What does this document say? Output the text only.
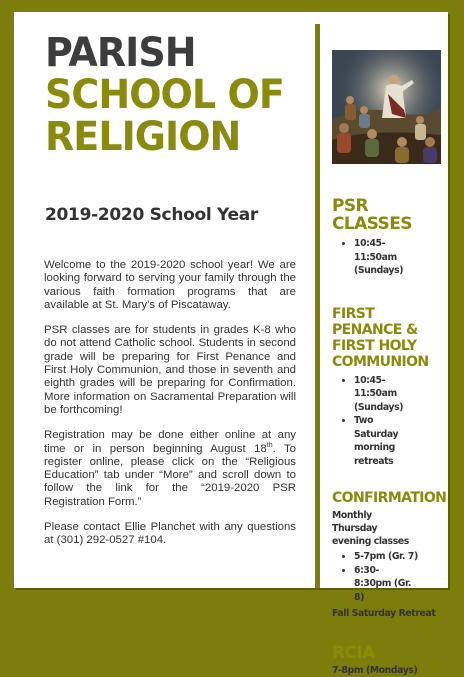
PARISH
SCHOOL OF
RELIGION
2019-2020 School Year

Welcome to the 2019-2020 school year! We are looking forward to serving your family through the various faith formation programs that are available at St. Mary's of Piscataway.

PSR classes are for students in grades K-8 who do not attend Catholic school. Students in second grade will be preparing for First Penance and First Holy Communion, and those in seventh and eighth grades will be preparing for Confirmation. More information on Sacramental Preparation will be forthcoming!

Registration may be done either online at any time or in person beginning August 18th. To register online, please click on the “Religious Education” tab under “More” and scroll down to follow the link for the “2019-2020 PSR Registration Form.”

Please contact Ellie Planchet with any questions at (301) 292-0527 #104.

PSR CLASSES

• 10:45-11:50am (Sundays)

FIRST PENANCE & FIRST HOLY COMMUNION

• 10:45-11:50am (Sundays)
• Two Saturday morning retreats

CONFIRMATION

Monthly Thursday evening classes
• 5-7pm (Gr. 7)
• 6:30-8:30pm (Gr. 8)
Fall Saturday Retreat

RCIA

7-8pm (Mondays)
